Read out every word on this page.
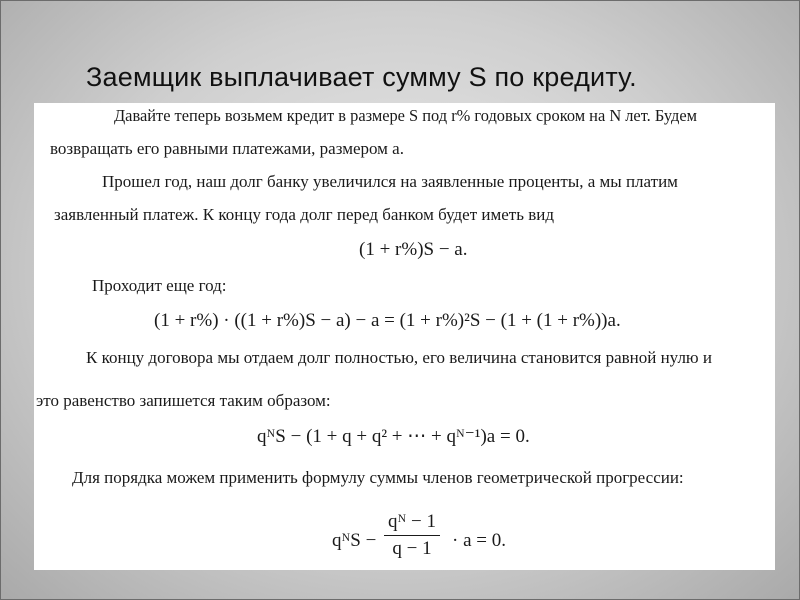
Заемщик выплачивает сумму S по кредиту.
Давайте теперь возьмем кредит в размере S под r% годовых сроком на N лет. Будем
возвращать его равными платежами, размером a.
Прошел год, наш долг банку увеличился на заявленные проценты, а мы платим
заявленный платеж. К концу года долг перед банком будет иметь вид
(1 + r%)S − a.
Проходит еще год:
(1 + r%) · ((1 + r%)S − a) − a = (1 + r%)²S − (1 + (1 + r%))a.
К концу договора мы отдаем долг полностью, его величина становится равной нулю и
это равенство запишется таким образом:
qᴺS − (1 + q + q² + ⋯ + qᴺ⁻¹)a = 0.
Для порядка можем применить формулу суммы членов геометрической прогрессии:
qᴺS − $\frac{\text{qᴺ − 1}}{q - 1} \cdot a = 0$.
